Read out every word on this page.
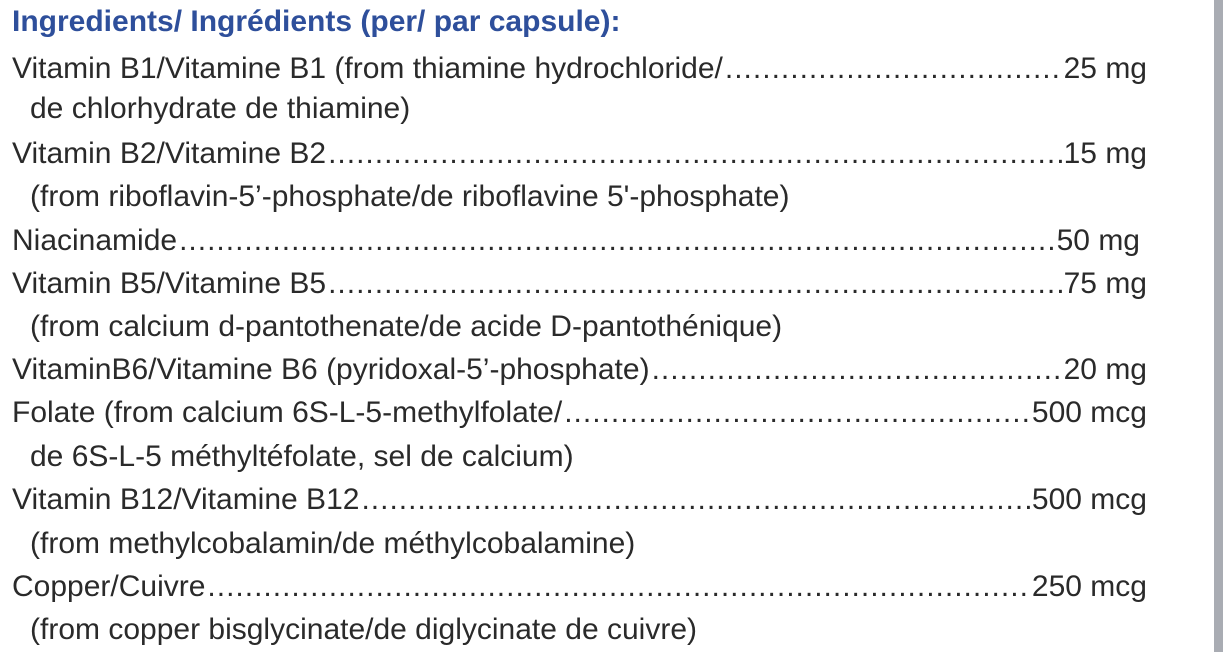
Ingredients/ Ingrédients (per/ par capsule):
Vitamin B1/Vitamine B1 (from thiamine hydrochloride/ .....	25 mg
de chlorhydrate de thiamine)
Vitamin B2/Vitamine B2 .....	15 mg
(from riboflavin-5’-phosphate/de riboflavine 5'-phosphate)
Niacinamide .....	50 mg
Vitamin B5/Vitamine B5 .....	75 mg
(from calcium d-pantothenate/de acide D-pantothénique)
VitaminB6/Vitamine B6 (pyridoxal-5’-phosphate) .....	20 mg
Folate (from calcium 6S-L-5-methylfolate/ .....	500 mcg
de 6S-L-5 méthyltéfolate, sel de calcium)
Vitamin B12/Vitamine B12 .....	500 mcg
(from methylcobalamin/de méthylcobalamine)
Copper/Cuivre .....	250 mcg
(from copper bisglycinate/de diglycinate de cuivre)
